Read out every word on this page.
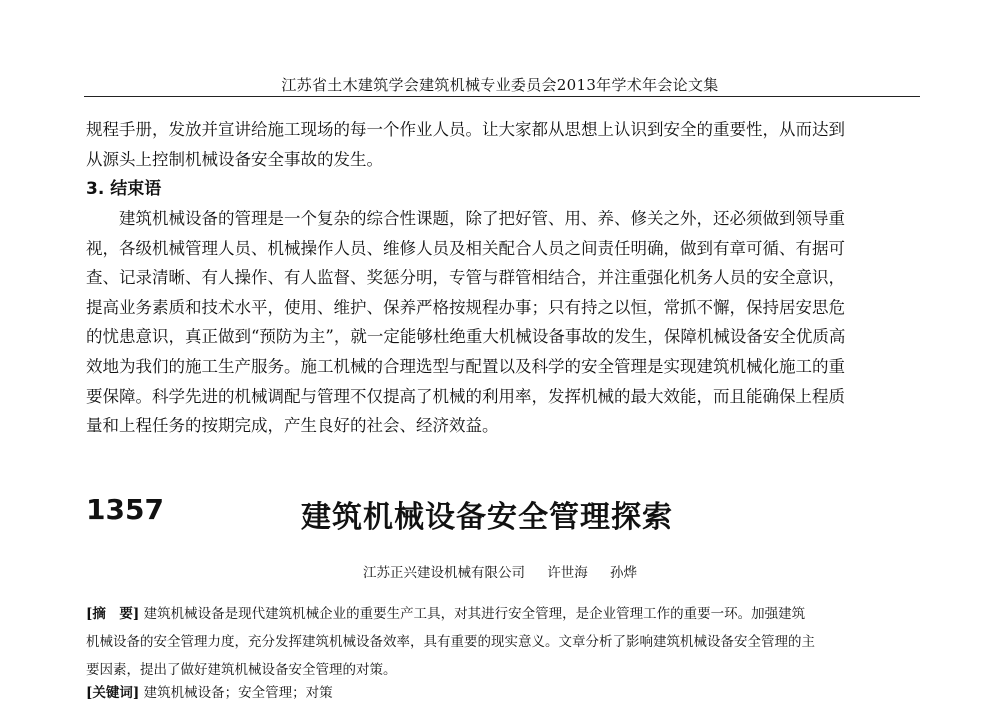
江苏省土木建筑学会建筑机械专业委员会2013年学术年会论文集

规程手册，发放并宣讲给施工现场的每一个作业人员。让大家都从思想上认识到安全的重要性，从而达到
从源头上控制机械设备安全事故的发生。

3. 结束语

　　建筑机械设备的管理是一个复杂的综合性课题，除了把好管、用、养、修关之外，还必须做到领导重
视，各级机械管理人员、机械操作人员、维修人员及相关配合人员之间责任明确，做到有章可循、有据可
查、记录清晰、有人操作、有人监督、奖惩分明，专管与群管相结合，并注重强化机务人员的安全意识，
提高业务素质和技术水平，使用、维护、保养严格按规程办事；只有持之以恒，常抓不懈，保持居安思危
的忧患意识，真正做到“预防为主”，就一定能够杜绝重大机械设备事故的发生，保障机械设备安全优质高
效地为我们的施工生产服务。施工机械的合理选型与配置以及科学的安全管理是实现建筑机械化施工的重
要保障。科学先进的机械调配与管理不仅提高了机械的利用率，发挥机械的最大效能，而且能确保上程质
量和上程任务的按期完成，产生良好的社会、经济效益。

1357	建筑机械设备安全管理探索
江苏正兴建设机械有限公司 许世海 孙烨

[摘　要] 建筑机械设备是现代建筑机械企业的重要生产工具，对其进行安全管理，是企业管理工作的重要一环。加强建筑
机械设备的安全管理力度，充分发挥建筑机械设备效率，具有重要的现实意义。文章分析了影响建筑机械设备安全管理的主
要因素，提出了做好建筑机械设备安全管理的对策。

[关键词] 建筑机械设备；安全管理；对策
